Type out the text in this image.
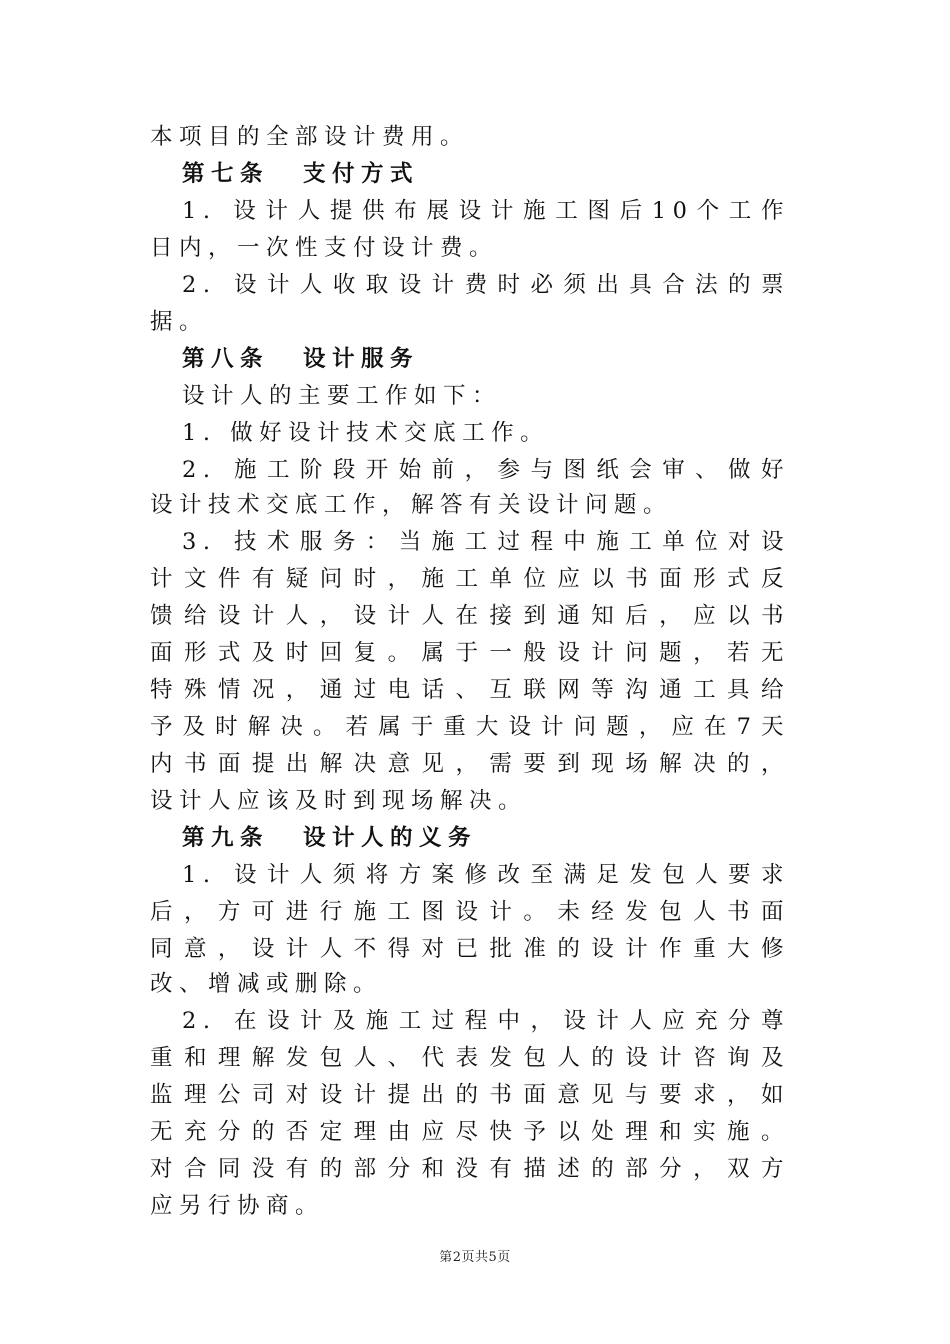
本项目的全部设计费用。
第七条 支付方式
1. 设计人提供布展设计施工图后10个工作
日内，一次性支付设计费。
2. 设计人收取设计费时必须出具合法的票
据。
第八条 设计服务
设计人的主要工作如下：
1. 做好设计技术交底工作。
2. 施工阶段开始前，参与图纸会审、做好
设计技术交底工作，解答有关设计问题。
3. 技术服务：当施工过程中施工单位对设
计文件有疑问时，施工单位应以书面形式反
馈给设计人，设计人在接到通知后，应以书
面形式及时回复。属于一般设计问题，若无
特殊情况，通过电话、互联网等沟通工具给
予及时解决。若属于重大设计问题，应在7天
内书面提出解决意见，需要到现场解决的，
设计人应该及时到现场解决。
第九条 设计人的义务
1. 设计人须将方案修改至满足发包人要求
后，方可进行施工图设计。未经发包人书面
同意，设计人不得对已批准的设计作重大修
改、增减或删除。
2. 在设计及施工过程中，设计人应充分尊
重和理解发包人、代表发包人的设计咨询及
监理公司对设计提出的书面意见与要求，如
无充分的否定理由应尽快予以处理和实施。
对合同没有的部分和没有描述的部分，双方
应另行协商。
第2页共5页
